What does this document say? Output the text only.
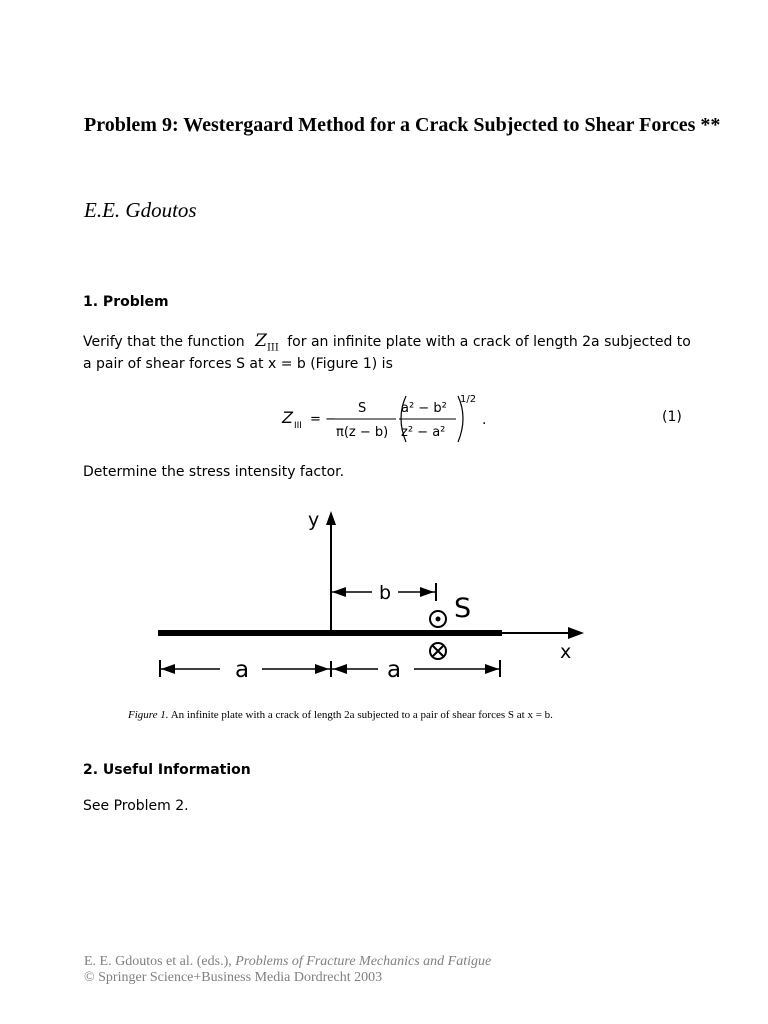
Problem 9: Westergaard Method for a Crack Subjected to Shear Forces **
E.E. Gdoutos
1. Problem
Verify that the function $Z_{III}$ for an infinite plate with a crack of length 2a subjected to
a pair of shear forces S at x = b (Figure 1) is
Z III = −
S
π(z − b)
a² − b²
z² − a²
1/2
.	(1)
Determine the stress intensity factor.
y
x
b S
a	a
Figure 1. An infinite plate with a crack of length 2a subjected to a pair of shear forces S at x = b.
2. Useful Information
See Problem 2.
E. E. Gdoutos et al. (eds.), Problems of Fracture Mechanics and Fatigue
© Springer Science+Business Media Dordrecht 2003
